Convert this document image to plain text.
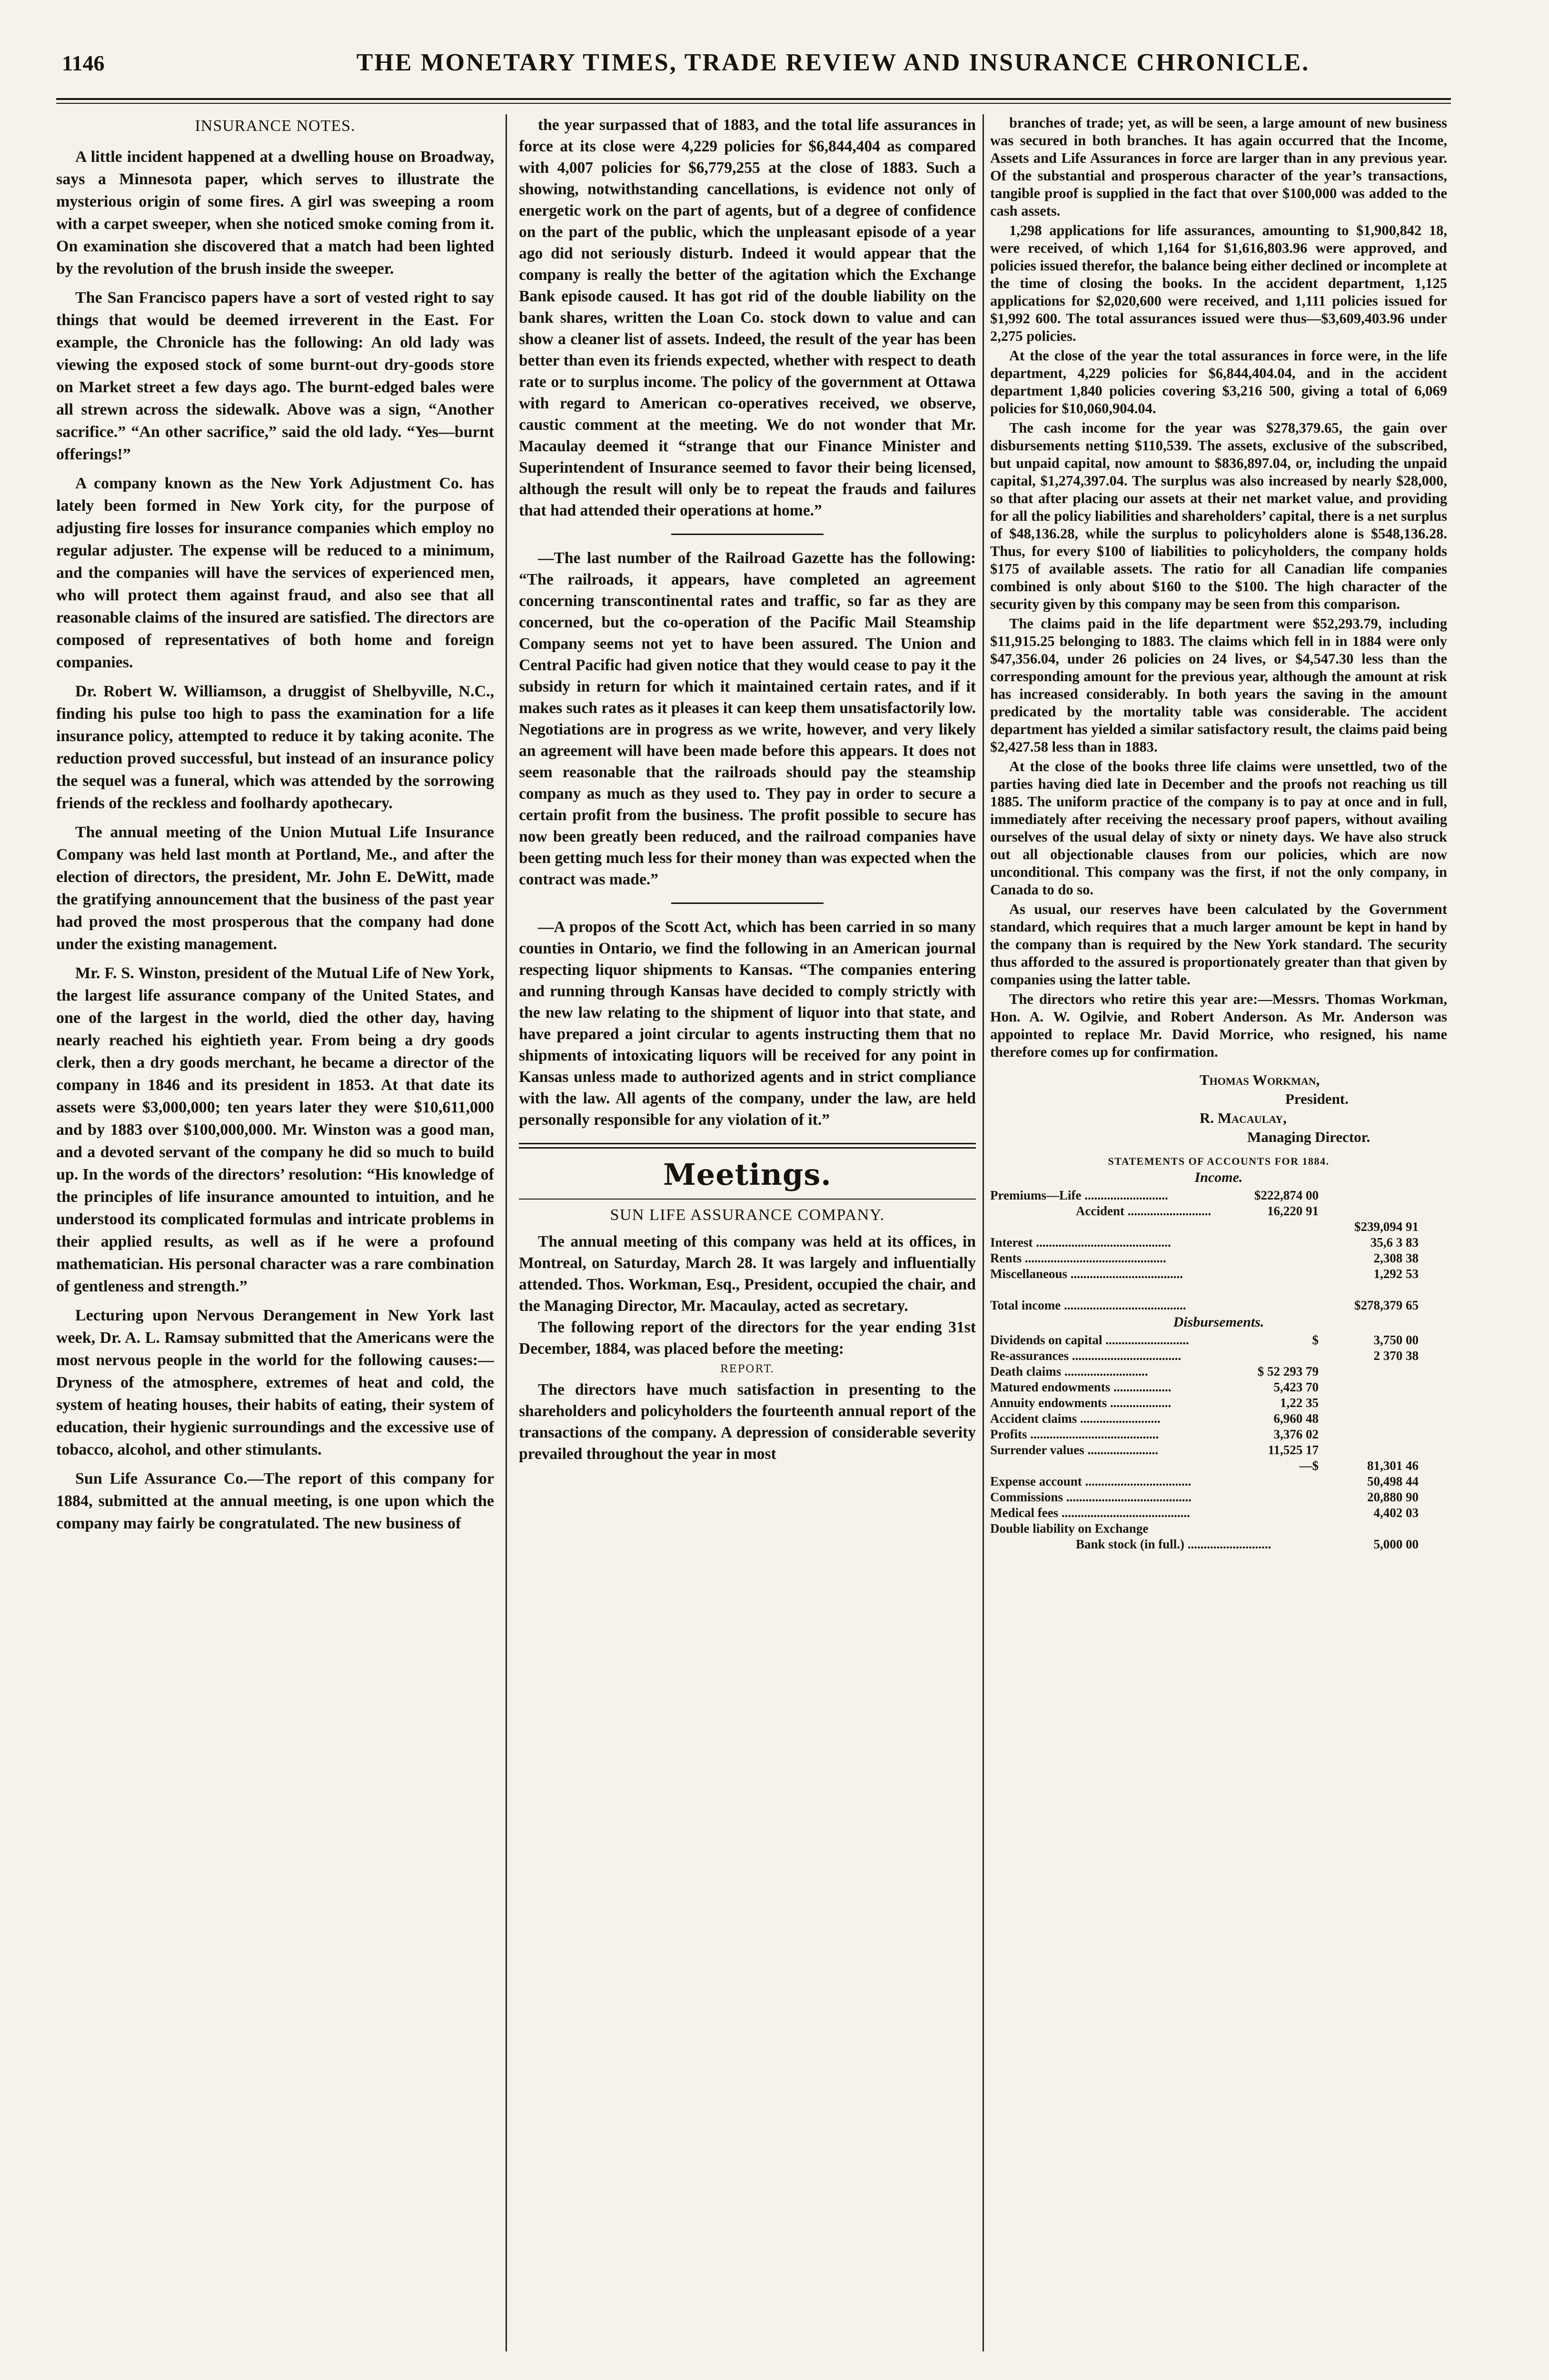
1146	THE MONETARY TIMES, TRADE REVIEW AND INSURANCE CHRONICLE.
INSURANCE NOTES.

A little incident happened at a dwelling house on Broadway, says a Minnesota paper, which serves to illustrate the mysterious origin of some fires. A girl was sweeping a room with a carpet sweeper, when she noticed smoke coming from it. On examination she discovered that a match had been lighted by the revolution of the brush inside the sweeper.

The San Francisco papers have a sort of vested right to say things that would be deemed irreverent in the East. For example, the Chronicle has the following: An old lady was viewing the exposed stock of some burnt-out dry-goods store on Market street a few days ago. The burnt-edged bales were all strewn across the sidewalk. Above was a sign, “Another sacrifice.” “An other sacrifice,” said the old lady. “Yes—burnt offerings!”

A company known as the New York Adjustment Co. has lately been formed in New York city, for the purpose of adjusting fire losses for insurance companies which employ no regular adjuster. The expense will be reduced to a minimum, and the companies will have the services of experienced men, who will protect them against fraud, and also see that all reasonable claims of the insured are satisfied. The directors are composed of representatives of both home and foreign companies.

Dr. Robert W. Williamson, a druggist of Shelbyville, N.C., finding his pulse too high to pass the examination for a life insurance policy, attempted to reduce it by taking aconite. The reduction proved successful, but instead of an insurance policy the sequel was a funeral, which was attended by the sorrowing friends of the reckless and foolhardy apothecary.

The annual meeting of the Union Mutual Life Insurance Company was held last month at Portland, Me., and after the election of directors, the president, Mr. John E. DeWitt, made the gratifying announcement that the business of the past year had proved the most prosperous that the company had done under the existing management.

Mr. F. S. Winston, president of the Mutual Life of New York, the largest life assurance company of the United States, and one of the largest in the world, died the other day, having nearly reached his eightieth year. From being a dry goods clerk, then a dry goods merchant, he became a director of the company in 1846 and its president in 1853. At that date its assets were $3,000,000; ten years later they were $10,611,000 and by 1883 over $100,000,000. Mr. Winston was a good man, and a devoted servant of the company he did so much to build up. In the words of the directors’ resolution: “His knowledge of the principles of life insurance amounted to intuition, and he understood its complicated formulas and intricate problems in their applied results, as well as if he were a profound mathematician. His personal character was a rare combination of gentleness and strength.”

Lecturing upon Nervous Derangement in New York last week, Dr. A. L. Ramsay submitted that the Americans were the most nervous people in the world for the following causes:—Dryness of the atmosphere, extremes of heat and cold, the system of heating houses, their habits of eating, their system of education, their hygienic surroundings and the excessive use of tobacco, alcohol, and other stimulants.

Sun Life Assurance Co.—The report of this company for 1884, submitted at the annual meeting, is one upon which the company may fairly be congratulated. The new business of

the year surpassed that of 1883, and the total life assurances in force at its close were 4,229 policies for $6,844,404 as compared with 4,007 policies for $6,779,255 at the close of 1883. Such a showing, notwithstanding cancellations, is evidence not only of energetic work on the part of agents, but of a degree of confidence on the part of the public, which the unpleasant episode of a year ago did not seriously disturb. Indeed it would appear that the company is really the better of the agitation which the Exchange Bank episode caused. It has got rid of the double liability on the bank shares, written the Loan Co. stock down to value and can show a cleaner list of assets. Indeed, the result of the year has been better than even its friends expected, whether with respect to death rate or to surplus income. The policy of the government at Ottawa with regard to American co-operatives received, we observe, caustic comment at the meeting. We do not wonder that Mr. Macaulay deemed it “strange that our Finance Minister and Superintendent of Insurance seemed to favor their being licensed, although the result will only be to repeat the frauds and failures that had attended their operations at home.”

—The last number of the Railroad Gazette has the following: “The railroads, it appears, have completed an agreement concerning transcontinental rates and traffic, so far as they are concerned, but the co-operation of the Pacific Mail Steamship Company seems not yet to have been assured. The Union and Central Pacific had given notice that they would cease to pay it the subsidy in return for which it maintained certain rates, and if it makes such rates as it pleases it can keep them unsatisfactorily low. Negotiations are in progress as we write, however, and very likely an agreement will have been made before this appears. It does not seem reasonable that the railroads should pay the steamship company as much as they used to. They pay in order to secure a certain profit from the business. The profit possible to secure has now been greatly been reduced, and the railroad companies have been getting much less for their money than was expected when the contract was made.”

—A propos of the Scott Act, which has been carried in so many counties in Ontario, we find the following in an American journal respecting liquor shipments to Kansas. “The companies entering and running through Kansas have decided to comply strictly with the new law relating to the shipment of liquor into that state, and have prepared a joint circular to agents instructing them that no shipments of intoxicating liquors will be received for any point in Kansas unless made to authorized agents and in strict compliance with the law. All agents of the company, under the law, are held personally responsible for any violation of it.”

Meetings.
SUN LIFE ASSURANCE COMPANY.

The annual meeting of this company was held at its offices, in Montreal, on Saturday, March 28. It was largely and influentially attended. Thos. Workman, Esq., President, occupied the chair, and the Managing Director, Mr. Macaulay, acted as secretary.

The following report of the directors for the year ending 31st December, 1884, was placed before the meeting:

REPORT.

The directors have much satisfaction in presenting to the shareholders and policyholders the fourteenth annual report of the transactions of the company. A depression of considerable severity prevailed throughout the year in most

branches of trade; yet, as will be seen, a large amount of new business was secured in both branches. It has again occurred that the Income, Assets and Life Assurances in force are larger than in any previous year. Of the substantial and prosperous character of the year’s transactions, tangible proof is supplied in the fact that over $100,000 was added to the cash assets.

1,298 applications for life assurances, amounting to $1,900,842 18, were received, of which 1,164 for $1,616,803.96 were approved, and policies issued therefor, the balance being either declined or incomplete at the time of closing the books. In the accident department, 1,125 applications for $2,020,600 were received, and 1,111 policies issued for $1,992 600. The total assurances issued were thus—$3,609,403.96 under 2,275 policies.

At the close of the year the total assurances in force were, in the life department, 4,229 policies for $6,844,404.04, and in the accident department 1,840 policies covering $3,216 500, giving a total of 6,069 policies for $10,060,904.04.

The cash income for the year was $278,379.65, the gain over disbursements netting $110,539. The assets, exclusive of the subscribed, but unpaid capital, now amount to $836,897.04, or, including the unpaid capital, $1,274,397.04. The surplus was also increased by nearly $28,000, so that after placing our assets at their net market value, and providing for all the policy liabilities and shareholders’ capital, there is a net surplus of $48,136.28, while the surplus to policyholders alone is $548,136.28. Thus, for every $100 of liabilities to policyholders, the company holds $175 of available assets. The ratio for all Canadian life companies combined is only about $160 to the $100. The high character of the security given by this company may be seen from this comparison.

The claims paid in the life department were $52,293.79, including $11,915.25 belonging to 1883. The claims which fell in in 1884 were only $47,356.04, under 26 policies on 24 lives, or $4,547.30 less than the corresponding amount for the previous year, although the amount at risk has increased considerably. In both years the saving in the amount predicated by the mortality table was considerable. The accident department has yielded a similar satisfactory result, the claims paid being $2,427.58 less than in 1883.

At the close of the books three life claims were unsettled, two of the parties having died late in December and the proofs not reaching us till 1885. The uniform practice of the company is to pay at once and in full, immediately after receiving the necessary proof papers, without availing ourselves of the usual delay of sixty or ninety days. We have also struck out all objectionable clauses from our policies, which are now unconditional. This company was the first, if not the only company, in Canada to do so.

As usual, our reserves have been calculated by the Government standard, which requires that a much larger amount be kept in hand by the company than is required by the New York standard. The security thus afforded to the assured is proportionately greater than that given by companies using the latter table.

The directors who retire this year are:—Messrs. Thomas Workman, Hon. A. W. Ogilvie, and Robert Anderson. As Mr. Anderson was appointed to replace Mr. David Morrice, who resigned, his name therefore comes up for confirmation.

Thomas Workman,
President.
R. Macaulay,
Managing Director.
STATEMENTS OF ACCOUNTS FOR 1884.
Income.
Premiums—Life ..........................	$222,874 00
Accident ..........................	16,220 91
$239,094 91
Interest ..........................................	35,6 3 83
Rents ............................................	2,308 38
Miscellaneous ...................................	1,292 53
Total income ......................................	$278,379 65
Disbursements.
Dividends on capital ..........................	$	3,750 00
Re-assurances ..................................	2 370 38
Death claims ..........................	$ 52 293 79
Matured endowments ..................	5,423 70
Annuity endowments ...................	1,22 35
Accident claims .........................	6,960 48
Profits ........................................	3,376 02
Surrender values ......................	11,525 17
—$	81,301 46
Expense account .................................	50,498 44
Commissions .......................................	20,880 90
Medical fees ........................................	4,402 03
Double liability on Exchange
Bank stock (in full.) ..........................	5,000 00
